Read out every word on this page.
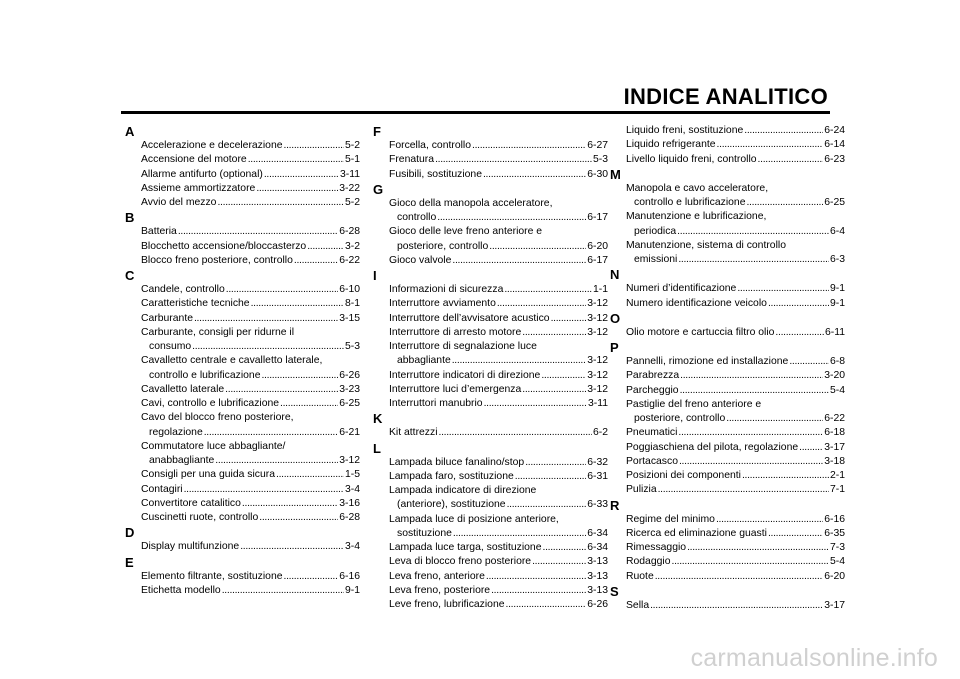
INDICE ANALITICO
A
Accelerazione e decelerazione . . .	5-2
Accensione del motore . . .	5-1
Allarme antifurto (optional) . . .	3-11
Assieme ammortizzatore . . .	3-22
Avvio del mezzo . . .	5-2
B
Batteria . . .	6-28
Blocchetto accensione/bloccasterzo . . .	3-2
Blocco freno posteriore, controllo . . .	6-22
C
Candele, controllo . . .	6-10
Caratteristiche tecniche . . .	8-1
Carburante . . .	3-15
Carburante, consigli per ridurne il
consumo . . .	5-3
Cavalletto centrale e cavalletto laterale,
controllo e lubrificazione . . .	6-26
Cavalletto laterale . . .	3-23
Cavi, controllo e lubrificazione . . .	6-25
Cavo del blocco freno posteriore,
regolazione . . .	6-21
Commutatore luce abbagliante/
anabbagliante . . .	3-12
Consigli per una guida sicura . . .	1-5
Contagiri . . .	3-4
Convertitore catalitico . . .	3-16
Cuscinetti ruote, controllo . . .	6-28
D
Display multifunzione . . .	3-4
E
Elemento filtrante, sostituzione . . .	6-16
Etichetta modello . . .	9-1
F
Forcella, controllo . . .	6-27
Frenatura . . .	5-3
Fusibili, sostituzione . . .	6-30
G
Gioco della manopola acceleratore,
controllo . . .	6-17
Gioco delle leve freno anteriore e
posteriore, controllo . . .	6-20
Gioco valvole . . .	6-17
I
Informazioni di sicurezza . . .	1-1
Interruttore avviamento . . .	3-12
Interruttore dell’avvisatore acustico . . .	3-12
Interruttore di arresto motore . . .	3-12
Interruttore di segnalazione luce
abbagliante . . .	3-12
Interruttore indicatori di direzione . . .	3-12
Interruttore luci d’emergenza . . .	3-12
Interruttori manubrio . . .	3-11
K
Kit attrezzi . . .	6-2
L
Lampada biluce fanalino/stop . . .	6-32
Lampada faro, sostituzione . . .	6-31
Lampada indicatore di direzione
(anteriore), sostituzione . . .	6-33
Lampada luce di posizione anteriore,
sostituzione . . .	6-34
Lampada luce targa, sostituzione . . .	6-34
Leva di blocco freno posteriore . . .	3-13
Leva freno, anteriore . . .	3-13
Leva freno, posteriore . . .	3-13
Leve freno, lubrificazione . . .	6-26
Liquido freni, sostituzione . . .	6-24
Liquido refrigerante . . .	6-14
Livello liquido freni, controllo . . .	6-23
M
Manopola e cavo acceleratore,
controllo e lubrificazione . . .	6-25
Manutenzione e lubrificazione,
periodica . . .	6-4
Manutenzione, sistema di controllo
emissioni . . .	6-3
N
Numeri d’identificazione . . .	9-1
Numero identificazione veicolo . . .	9-1
O
Olio motore e cartuccia filtro olio . . .	6-11
P
Pannelli, rimozione ed installazione . . .	6-8
Parabrezza . . .	3-20
Parcheggio . . .	5-4
Pastiglie del freno anteriore e
posteriore, controllo . . .	6-22
Pneumatici . . .	6-18
Poggiaschiena del pilota, regolazione . . .	3-17
Portacasco . . .	3-18
Posizioni dei componenti . . .	2-1
Pulizia . . .	7-1
R
Regime del minimo . . .	6-16
Ricerca ed eliminazione guasti . . .	6-35
Rimessaggio . . .	7-3
Rodaggio . . .	5-4
Ruote . . .	6-20
S
Sella . . .	3-17
carmanualsonline.info
